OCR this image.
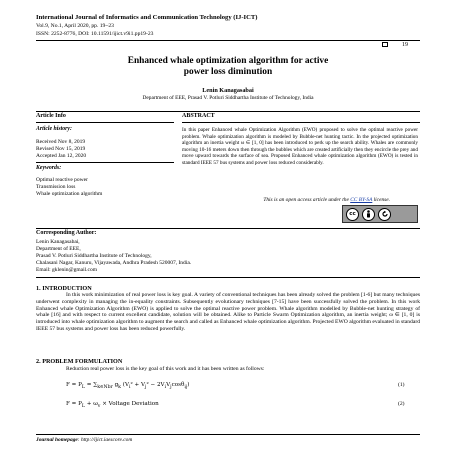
International Journal of Informatics and Communication Technology (IJ-ICT)
Vol.9, No.1, April 2020, pp. 19~23
ISSN: 2252-8776, DOI: 10.11591/ijict.v9i1.pp19-23
19
Enhanced whale optimization algorithm for active
power loss diminution
Lenin Kanagasabai
Department of EEE, Prasad V. Potluri Siddhartha Institute of Technology, India
Article Info	ABSTRACT
Article history:
Received Nov 8, 2019
Revised Nov 15, 2019
Accepted Jan 12, 2020
Keywords:
Optimal reactive power
Transmission loss
Whale optimization algorithm
In this paper Enhanced whale Optimization Algorithm (EWO) proposed to solve the optimal reactive power problem. Whale optimization algorithm is modeled by Bubble-net hunting tactic. In the projected optimization algorithm an inertia weight ω ∈ [1, 0] has been introduced to perk up the search ability. Whales are commonly moving 10-16 meters down then through the bubbles which are created artificially then they encircle the prey and move upward towards the surface of sea. Proposed Enhanced whale optimization algorithm (EWO) is tested in standard IEEE 57 bus systems and power loss reduced considerably.
This is an open access article under the CC BY-SA license.
cc
Corresponding Author:
Lenin Kanagasabai,
Department of EEE,
Prasad V. Potluri Siddhartha Institute of Technology,
Chalasani Nagar, Kanuru, Vijayawada, Andhra Pradesh 520007, India.
Email: gklenin@gmail.com
1. INTRODUCTION
In this work minimization of real power loss is key goal. A variety of conventional techniques has been already solved the problem [1-6] but many techniques underwent complexity in managing the in-equality constraints. Subsequently evolutionary techniques [7-15] have been successfully solved the problem. In this work Enhanced whale Optimization Algorithm (EWO) is applied to solve the optimal reactive power problem. Whale algorithm modelled by Bubble-net hunting strategy of whale [16] and with respect to current excellent candidate, solution will be obtained. Alike to Particle Swarm Optimization algorithm, an inertia weight; ω ∈ [1, 0] is introduced into whale optimization algorithm to augment the search and called as Enhanced whale optimization algorithm. Projected EWO algorithm evaluated in standard IEEE 57 bus systems and power loss has been reduced powerfully.
2. PROBLEM FORMULATION
Reduction real power loss is the key goal of this work and it has been written as follows:
$F = P_L = \sum_{k\in Nbr}$ $g_k$ $(V_i^2 + V_j^2 - 2V_iV_j\cos\theta_{ij})$	(1)
$F = P_L + \omega_v$ × Voltage Deviation	(2)
Journal homepage: http://ijict.iaescore.com
